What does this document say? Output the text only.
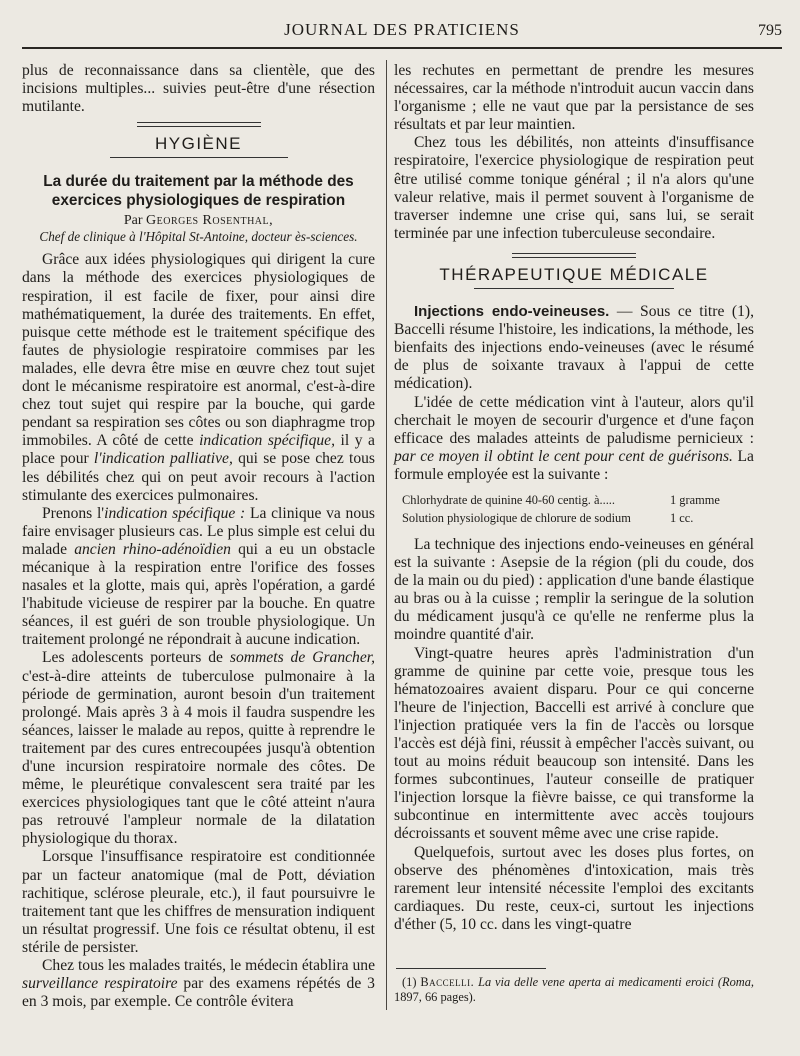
JOURNAL DES PRATICIENS	795

plus de reconnaissance dans sa clientèle, que des incisions multiples... suivies peut-être d'une résection mutilante.

HYGIÈNE
La durée du traitement par la méthode des exercices physiologiques de respiration
Par Georges Rosenthal,
Chef de clinique à l'Hôpital St-Antoine, docteur ès-sciences.

Grâce aux idées physiologiques qui dirigent la cure dans la méthode des exercices physiologiques de respiration, il est facile de fixer, pour ainsi dire mathématiquement, la durée des traitements. En effet, puisque cette méthode est le traitement spécifique des fautes de physiologie respiratoire commises par les malades, elle devra être mise en œuvre chez tout sujet dont le mécanisme respiratoire est anormal, c'est-à-dire chez tout sujet qui respire par la bouche, qui garde pendant sa respiration ses côtes ou son diaphragme trop immobiles. A côté de cette indication spécifique, il y a place pour l'indication palliative, qui se pose chez tous les débilités chez qui on peut avoir recours à l'action stimulante des exercices pulmonaires.

Prenons l'indication spécifique : La clinique va nous faire envisager plusieurs cas. Le plus simple est celui du malade ancien rhino-adénoïdien qui a eu un obstacle mécanique à la respiration entre l'orifice des fosses nasales et la glotte, mais qui, après l'opération, a gardé l'habitude vicieuse de respirer par la bouche. En quatre séances, il est guéri de son trouble physiologique. Un traitement prolongé ne répondrait à aucune indication.

Les adolescents porteurs de sommets de Grancher, c'est-à-dire atteints de tuberculose pulmonaire à la période de germination, auront besoin d'un traitement prolongé. Mais après 3 à 4 mois il faudra suspendre les séances, laisser le malade au repos, quitte à reprendre le traitement par des cures entrecoupées jusqu'à obtention d'une incursion respiratoire normale des côtes. De même, le pleurétique convalescent sera traité par les exercices physiologiques tant que le côté atteint n'aura pas retrouvé l'ampleur normale de la dilatation physiologique du thorax.

Lorsque l'insuffisance respiratoire est conditionnée par un facteur anatomique (mal de Pott, déviation rachitique, sclérose pleurale, etc.), il faut poursuivre le traitement tant que les chiffres de mensuration indiquent un résultat progressif. Une fois ce résultat obtenu, il est stérile de persister.

Chez tous les malades traités, le médecin établira une surveillance respiratoire par des examens répétés de 3 en 3 mois, par exemple. Ce contrôle évitera

les rechutes en permettant de prendre les mesures nécessaires, car la méthode n'introduit aucun vaccin dans l'organisme ; elle ne vaut que par la persistance de ses résultats et par leur maintien.

Chez tous les débilités, non atteints d'insuffisance respiratoire, l'exercice physiologique de respiration peut être utilisé comme tonique général ; il n'a alors qu'une valeur relative, mais il permet souvent à l'organisme de traverser indemne une crise qui, sans lui, se serait terminée par une infection tuberculeuse secondaire.

THÉRAPEUTIQUE MÉDICALE

Injections endo-veineuses. — Sous ce titre (1), Baccelli résume l'histoire, les indications, la méthode, les bienfaits des injections endo-veineuses (avec le résumé de plus de soixante travaux à l'appui de cette médication).

L'idée de cette médication vint à l'auteur, alors qu'il cherchait le moyen de secourir d'urgence et d'une façon efficace des malades atteints de paludisme pernicieux : par ce moyen il obtint le cent pour cent de guérisons. La formule employée est la suivante :

Chlorhydrate de quinine 40-60 centig. à.....	1 gramme
Solution physiologique de chlorure de sodium	1 cc.

La technique des injections endo-veineuses en général est la suivante : Asepsie de la région (pli du coude, dos de la main ou du pied) : application d'une bande élastique au bras ou à la cuisse ; remplir la seringue de la solution du médicament jusqu'à ce qu'elle ne renferme plus la moindre quantité d'air.

Vingt-quatre heures après l'administration d'un gramme de quinine par cette voie, presque tous les hématozoaires avaient disparu. Pour ce qui concerne l'heure de l'injection, Baccelli est arrivé à conclure que l'injection pratiquée vers la fin de l'accès ou lorsque l'accès est déjà fini, réussit à empêcher l'accès suivant, ou tout au moins réduit beaucoup son intensité. Dans les formes subcontinues, l'auteur conseille de pratiquer l'injection lorsque la fièvre baisse, ce qui transforme la subcontinue en intermittente avec accès toujours décroissants et souvent même avec une crise rapide.

Quelquefois, surtout avec les doses plus fortes, on observe des phénomènes d'intoxication, mais très rarement leur intensité nécessite l'emploi des excitants cardiaques. Du reste, ceux-ci, surtout les injections d'éther (5, 10 cc. dans les vingt-quatre

(1) Baccelli. La via delle vene aperta ai medicamenti eroici (Roma, 1897, 66 pages).
